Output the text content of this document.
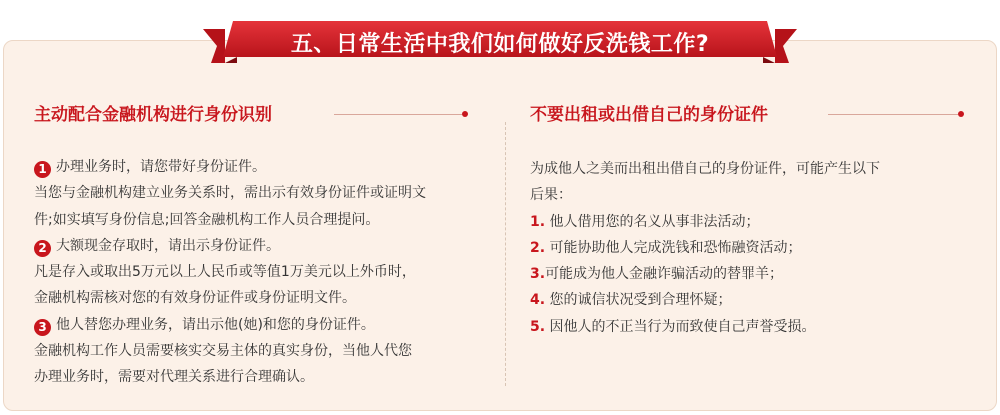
五、日常生活中我们如何做好反洗钱工作?
主动配合金融机构进行身份识别

1 办理业务时，请您带好身份证件。

当您与金融机构建立业务关系时，需出示有效身份证件或证明文

件;如实填写身份信息;回答金融机构工作人员合理提问。

2 大额现金存取时，请出示身份证件。

凡是存入或取出5万元以上人民币或等值1万美元以上外币时，

金融机构需核对您的有效身份证件或身份证明文件。

3 他人替您办理业务，请出示他(她)和您的身份证件。

金融机构工作人员需要核实交易主体的真实身份，当他人代您

办理业务时，需要对代理关系进行合理确认。

不要出租或出借自己的身份证件

为成他人之美而出租出借自己的身份证件，可能产生以下

后果：

1. 他人借用您的名义从事非法活动；

2. 可能协助他人完成洗钱和恐怖融资活动；

3.可能成为他人金融诈骗活动的替罪羊；

4. 您的诚信状况受到合理怀疑；

5. 因他人的不正当行为而致使自己声誉受损。
